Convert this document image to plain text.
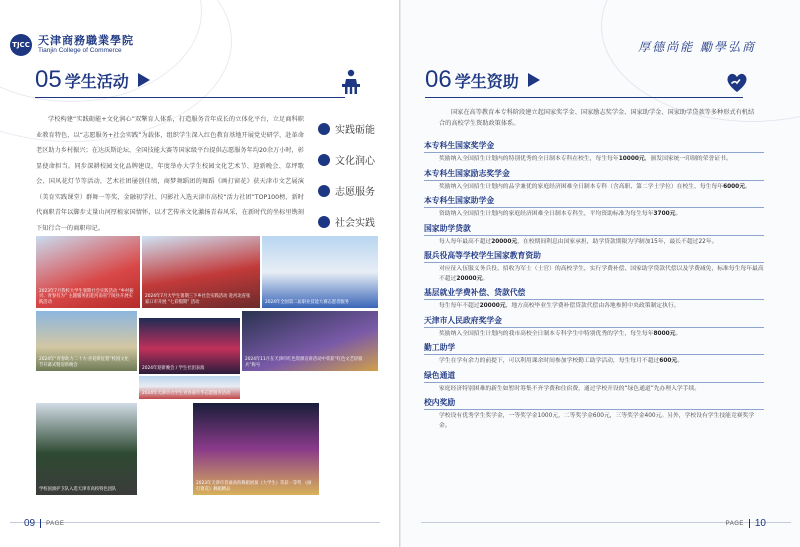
TJCC 天津商務職業學院
Tianjin College of Commerce
05 学生活动
学校构建“实践砺能+文化润心”双擎育人体系，打造服务青年成长的立体化平台，立足商科职业教育特色，以“志愿服务+社会实践”为载体，组织学生深入红色教育基地开展党史研学、赴革命老区助力乡村振兴；在达沃斯论坛、全国技能大赛等国家级平台提供志愿服务年均20余万小时，彰显使命担当。同步深耕校园文化品牌建设，年度举办大学生校园文化艺术节、迎新晚会、草坪歌会、国风花灯节等活动，艺术社团屡创佳绩，商梦舞蹈团的舞蹈《画打窗花》获天津市文艺展演（美育实践课堂）群舞一等奖，金融初学社、闪影社入选天津市高校“活力社团”TOP100榜，新时代商职青年以脚步丈量山河厚植家国情怀，以才艺传承文化激扬青春风采，在新时代的坐标里镌刻下知行合一的商职印记。
实践砺能
文化润心
志愿服务
社会实践
2023年7月我校大学生暑期社会实践活动 “乡村振兴、青春有为” 主题服务团赴河南省宁陵县开展实践活动
2024年7月大学生暑期三下乡社会实践活动 赴河北省张家口市开展 “七彩假期” 活动	2024年全国第二届职业技能大赛志愿者服务
2024年“青春助力二十大·喜迎新征程”校园文化节开幕式暨迎新晚会
2024年迎新晚会 / 学生社团表演
2024年11月在天津市红色资源宣讲活动中荣获“红色文艺轻骑兵”称号
学校国旗护卫队入选天津市高校特色团队
2024年天津市大学生青春嘉年华志愿服务活动
2023年天津市普通高校舞蹈展演《大学生》荣获一等奖 《画打窗花》舞蹈精品
09 PAGE
厚德尚能 勵學弘商
06 学生资助
国家在高等教育本专科阶段建立起国家奖学金、国家励志奖学金、国家助学金、国家助学贷款等多种形式有机结合的高校学生资助政策体系。
本专科生国家奖学金

奖励纳入全国招生计划内的特别优秀的全日制本专科在校生，每生每年10000元，颁发国家统一印制的荣誉证书。

本专科生国家励志奖学金

奖励纳入全国招生计划内的品学兼优的家庭经济困难全日制本专科（含高职、第二学士学位）在校生，每生每年6000元。

本专科生国家助学金

资助纳入全国招生计划内的家庭经济困难全日制本专科生，平均资助标准为每生每年3700元。

国家助学贷款

每人每年最高不超过20000元，在校期间利息由国家承担，助学贷款期限为学制加15年，最长不超过22年。

服兵役高等学校学生国家教育资助

对应征入伍服义务兵役、招收为军士（士官）的高校学生，实行学费补偿、国家助学贷款代偿以及学费减免，标准每生每年最高不超过20000元。

基层就业学费补偿、贷款代偿

每生每年不超过20000元，地方高校毕业生学费补偿贷款代偿由各地参照中央政策制定执行。

天津市人民政府奖学金

奖励纳入全国招生计划内的我市高校全日制本专科学生中特别优秀的学生，每生每年8000元。

勤工助学

学生在学有余力的前提下，可以利用课余时间参加学校勤工助学活动，每生每月不超过600元。

绿色通道

家庭经济特别困难的新生如暂时筹集不齐学费和住宿费，通过学校开设的“绿色通道”先办理入学手续。

校内奖励

学校设有优秀学生奖学金，一等奖学金1000元，二等奖学金600元，三等奖学金400元。另外，学校设有学生技能竞赛奖学金。

PAGE 10
